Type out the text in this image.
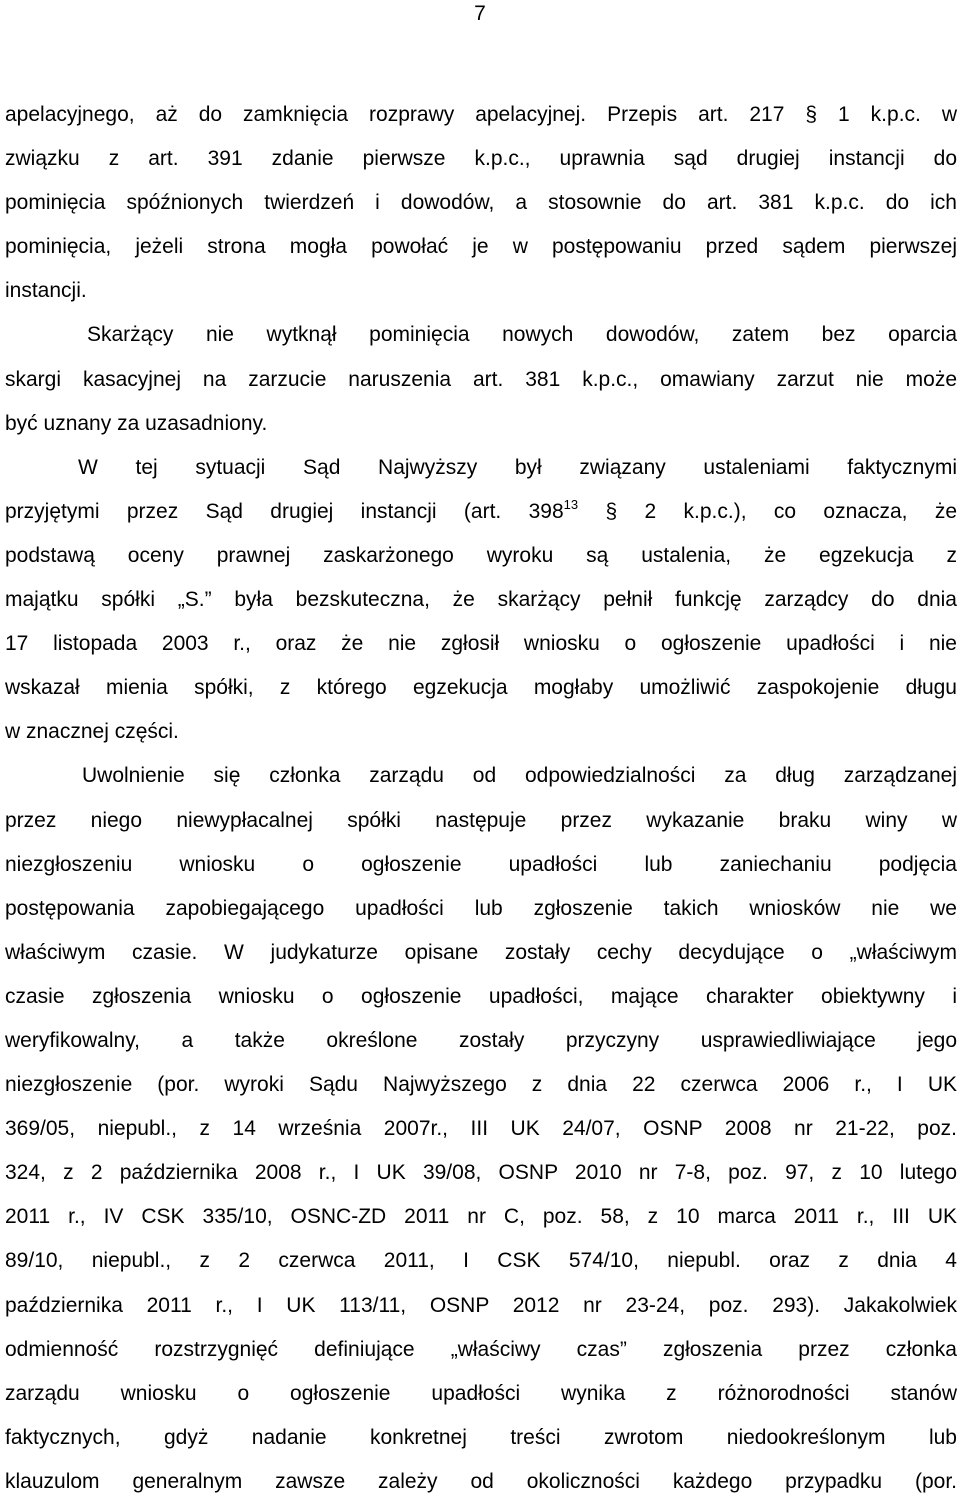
7

apelacyjnego, aż do zamknięcia rozprawy apelacyjnej. Przepis art. 217 § 1 k.p.c. w
związku z art. 391 zdanie pierwsze k.p.c., uprawnia sąd drugiej instancji do
pominięcia spóźnionych twierdzeń i dowodów, a stosownie do art. 381 k.p.c. do ich
pominięcia, jeżeli strona mogła powołać je w postępowaniu przed sądem pierwszej
instancji.

Skarżący nie wytknął pominięcia nowych dowodów, zatem bez oparcia
skargi kasacyjnej na zarzucie naruszenia art. 381 k.p.c., omawiany zarzut nie może
być uznany za uzasadniony.

W tej sytuacji Sąd Najwyższy był związany ustaleniami faktycznymi
przyjętymi przez Sąd drugiej instancji (art. $398^{13}$ § 2 k.p.c.), co oznacza, że
podstawą oceny prawnej zaskarżonego wyroku są ustalenia, że egzekucja z
majątku spółki „S.” była bezskuteczna, że skarżący pełnił funkcję zarządcy do dnia
17 listopada 2003 r., oraz że nie zgłosił wniosku o ogłoszenie upadłości i nie
wskazał mienia spółki, z którego egzekucja mogłaby umożliwić zaspokojenie długu
w znacznej części.

Uwolnienie się członka zarządu od odpowiedzialności za dług zarządzanej
przez niego niewypłacalnej spółki następuje przez wykazanie braku winy w
niezgłoszeniu wniosku o ogłoszenie upadłości lub zaniechaniu podjęcia
postępowania zapobiegającego upadłości lub zgłoszenie takich wniosków nie we
właściwym czasie. W judykaturze opisane zostały cechy decydujące o „właściwym
czasie zgłoszenia wniosku o ogłoszenie upadłości, mające charakter obiektywny i
weryfikowalny, a także określone zostały przyczyny usprawiedliwiające jego
niezgłoszenie (por. wyroki Sądu Najwyższego z dnia 22 czerwca 2006 r., I UK
369/05, niepubl., z 14 września 2007r., III UK 24/07, OSNP 2008 nr 21-22, poz.
324, z 2 października 2008 r., I UK 39/08, OSNP 2010 nr 7-8, poz. 97, z 10 lutego
2011 r., IV CSK 335/10, OSNC-ZD 2011 nr C, poz. 58, z 10 marca 2011 r., III UK
89/10, niepubl., z 2 czerwca 2011, I CSK 574/10, niepubl. oraz z dnia 4
października 2011 r., I UK 113/11, OSNP 2012 nr 23-24, poz. 293). Jakakolwiek
odmienność rozstrzygnięć definiujące „właściwy czas” zgłoszenia przez członka
zarządu wniosku o ogłoszenie upadłości wynika z różnorodności stanów
faktycznych, gdyż nadanie konkretnej treści zwrotom niedookreślonym lub
klauzulom generalnym zawsze zależy od okoliczności każdego przypadku (por.
